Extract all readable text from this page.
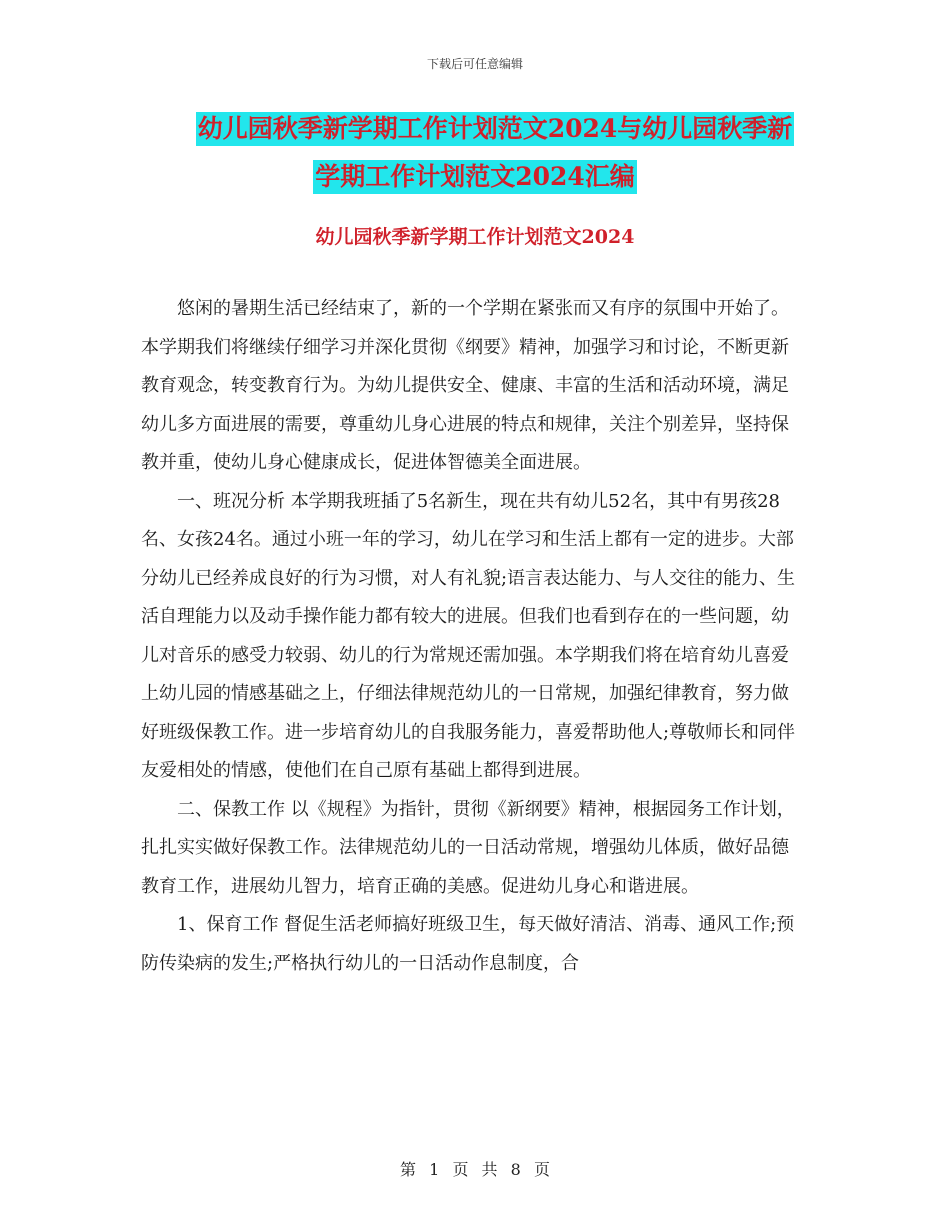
下载后可任意编辑
幼儿园秋季新学期工作计划范文2024与幼儿园秋季新
学期工作计划范文2024汇编
幼儿园秋季新学期工作计划范文2024

悠闲的暑期生活已经结束了，新的一个学期在紧张而又有序的氛围中开始了。本学期我们将继续仔细学习并深化贯彻《纲要》精神，加强学习和讨论，不断更新教育观念，转变教育行为。为幼儿提供安全、健康、丰富的生活和活动环境，满足幼儿多方面进展的需要，尊重幼儿身心进展的特点和规律，关注个别差异，坚持保教并重，使幼儿身心健康成长，促进体智德美全面进展。

一、班况分析 本学期我班插了5名新生，现在共有幼儿52名，其中有男孩28名、女孩24名。通过小班一年的学习，幼儿在学习和生活上都有一定的进步。大部分幼儿已经养成良好的行为习惯，对人有礼貌;语言表达能力、与人交往的能力、生活自理能力以及动手操作能力都有较大的进展。但我们也看到存在的一些问题，幼儿对音乐的感受力较弱、幼儿的行为常规还需加强。本学期我们将在培育幼儿喜爱上幼儿园的情感基础之上，仔细法律规范幼儿的一日常规，加强纪律教育，努力做好班级保教工作。进一步培育幼儿的自我服务能力，喜爱帮助他人;尊敬师长和同伴友爱相处的情感，使他们在自己原有基础上都得到进展。

二、保教工作 以《规程》为指针，贯彻《新纲要》精神，根据园务工作计划，扎扎实实做好保教工作。法律规范幼儿的一日活动常规，增强幼儿体质，做好品德教育工作，进展幼儿智力，培育正确的美感。促进幼儿身心和谐进展。

1、保育工作 督促生活老师搞好班级卫生，每天做好清洁、消毒、通风工作;预防传染病的发生;严格执行幼儿的一日活动作息制度，合

第 1 页 共 8 页
